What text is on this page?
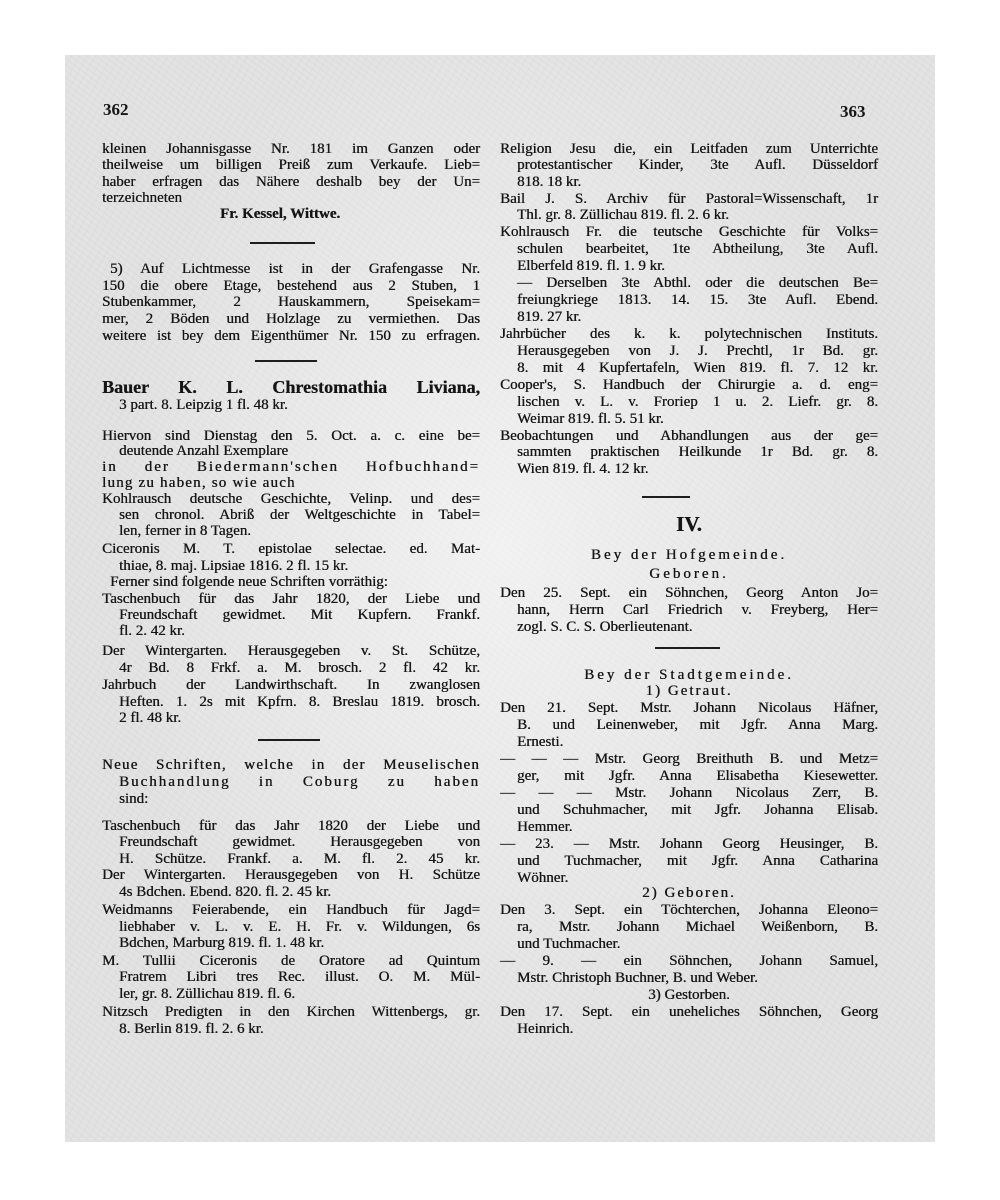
362	363
kleinen Johannisgasse Nr. 181 im Ganzen oder
theilweise um billigen Preiß zum Verkaufe. Lieb=
haber erfragen das Nähere deshalb bey der Un=
terzeichneten
Fr. Kessel, Wittwe.
5) Auf Lichtmesse ist in der Grafengasse Nr.
150 die obere Etage, bestehend aus 2 Stuben, 1
Stubenkammer, 2 Hauskammern, Speisekam=
mer, 2 Böden und Holzlage zu vermiethen. Das
weitere ist bey dem Eigenthümer Nr. 150 zu erfragen.
Bauer K. L. Chrestomathia Liviana,
3 part. 8. Leipzig 1 fl. 48 kr.
Hiervon sind Dienstag den 5. Oct. a. c. eine be=
deutende Anzahl Exemplare
in der Biedermann'schen Hofbuchhand=
lung zu haben, so wie auch
Kohlrausch deutsche Geschichte, Velinp. und des=
sen chronol. Abriß der Weltgeschichte in Tabel=
len, ferner in 8 Tagen.
Ciceronis M. T. epistolae selectae. ed. Mat-
thiae, 8. maj. Lipsiae 1816. 2 fl. 15 kr.
Ferner sind folgende neue Schriften vorräthig:
Taschenbuch für das Jahr 1820, der Liebe und
Freundschaft gewidmet. Mit Kupfern. Frankf.
fl. 2. 42 kr.
Der Wintergarten. Herausgegeben v. St. Schütze,
4r Bd. 8 Frkf. a. M. brosch. 2 fl. 42 kr.
Jahrbuch der Landwirthschaft. In zwanglosen
Heften. 1. 2s mit Kpfrn. 8. Breslau 1819. brosch.
2 fl. 48 kr.
Neue Schriften, welche in der Meuselischen
Buchhandlung in Coburg zu haben
sind:
Taschenbuch für das Jahr 1820 der Liebe und
Freundschaft gewidmet. Herausgegeben von
H. Schütze. Frankf. a. M. fl. 2. 45 kr.
Der Wintergarten. Herausgegeben von H. Schütze
4s Bdchen. Ebend. 820. fl. 2. 45 kr.
Weidmanns Feierabende, ein Handbuch für Jagd=
liebhaber v. L. v. E. H. Fr. v. Wildungen, 6s
Bdchen, Marburg 819. fl. 1. 48 kr.
M. Tullii Ciceronis de Oratore ad Quintum
Fratrem Libri tres Rec. illust. O. M. Mül-
ler, gr. 8. Züllichau 819. fl. 6.
Nitzsch Predigten in den Kirchen Wittenbergs, gr.
8. Berlin 819. fl. 2. 6 kr.
Religion Jesu die, ein Leitfaden zum Unterrichte
protestantischer Kinder, 3te Aufl. Düsseldorf
818. 18 kr.
Bail J. S. Archiv für Pastoral=Wissenschaft, 1r
Thl. gr. 8. Züllichau 819. fl. 2. 6 kr.
Kohlrausch Fr. die teutsche Geschichte für Volks=
schulen bearbeitet, 1te Abtheilung, 3te Aufl.
Elberfeld 819. fl. 1. 9 kr.
— Derselben 3te Abthl. oder die deutschen Be=
freiungkriege 1813. 14. 15. 3te Aufl. Ebend.
819. 27 kr.
Jahrbücher des k. k. polytechnischen Instituts.
Herausgegeben von J. J. Prechtl, 1r Bd. gr.
8. mit 4 Kupfertafeln, Wien 819. fl. 7. 12 kr.
Cooper's, S. Handbuch der Chirurgie a. d. eng=
lischen v. L. v. Froriep 1 u. 2. Liefr. gr. 8.
Weimar 819. fl. 5. 51 kr.
Beobachtungen und Abhandlungen aus der ge=
sammten praktischen Heilkunde 1r Bd. gr. 8.
Wien 819. fl. 4. 12 kr.
IV.
Bey der Hofgemeinde.
Geboren.
Den 25. Sept. ein Söhnchen, Georg Anton Jo=
hann, Herrn Carl Friedrich v. Freyberg, Her=
zogl. S. C. S. Oberlieutenant.
Bey der Stadtgemeinde.
1) Getraut.
Den 21. Sept. Mstr. Johann Nicolaus Häfner,
B. und Leinenweber, mit Jgfr. Anna Marg.
Ernesti.
— — — Mstr. Georg Breithuth B. und Metz=
ger, mit Jgfr. Anna Elisabetha Kiesewetter.
— — — Mstr. Johann Nicolaus Zerr, B.
und Schuhmacher, mit Jgfr. Johanna Elisab.
Hemmer.
— 23. — Mstr. Johann Georg Heusinger, B.
und Tuchmacher, mit Jgfr. Anna Catharina
Wöhner.
2) Geboren.
Den 3. Sept. ein Töchterchen, Johanna Eleono=
ra, Mstr. Johann Michael Weißenborn, B.
und Tuchmacher.
— 9. — ein Söhnchen, Johann Samuel,
Mstr. Christoph Buchner, B. und Weber.
3) Gestorben.
Den 17. Sept. ein uneheliches Söhnchen, Georg
Heinrich.
